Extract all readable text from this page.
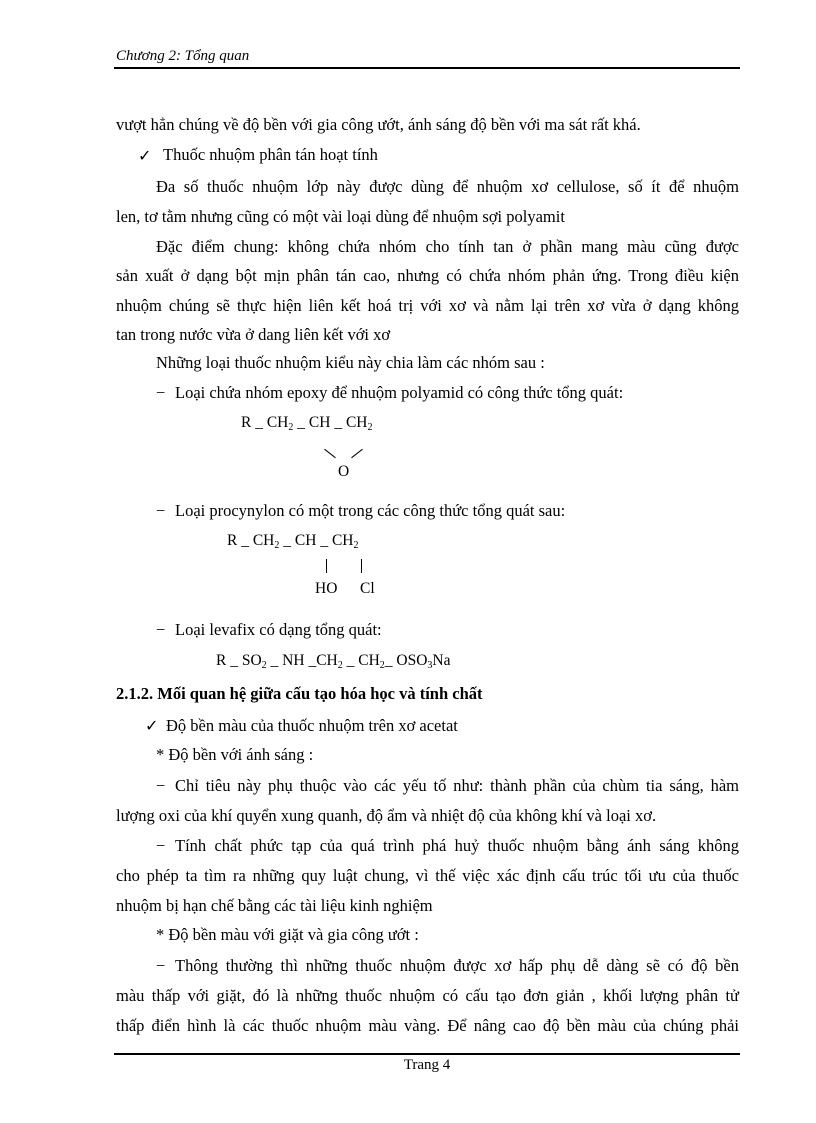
Chương 2: Tổng quan
vượt hẳn chúng về độ bền với gia công ướt, ánh sáng độ bền với ma sát rất khá.
✓ Thuốc nhuộm phân tán hoạt tính
Đa số thuốc nhuộm lớp này được dùng để nhuộm xơ cellulose, số ít để nhuộm
len, tơ tằm nhưng cũng có một vài loại dùng để nhuộm sợi polyamit
Đặc điểm chung: không chứa nhóm cho tính tan ở phần mang màu cũng được
sản xuất ở dạng bột mịn phân tán cao, nhưng có chứa nhóm phản ứng. Trong điều kiện
nhuộm chúng sẽ thực hiện liên kết hoá trị với xơ và nằm lại trên xơ vừa ở dạng không
tan trong nước vừa ở dang liên kết với xơ
Những loại thuốc nhuộm kiểu này chia làm các nhóm sau :
− Loại chứa nhóm epoxy để nhuộm polyamid có công thức tổng quát:
R _ $CH_2$ _ CH _ $CH_2$
O
− Loại procynylon có một trong các công thức tổng quát sau:
R _ $CH_2$ _ CH _ $CH_2$
HO Cl
− Loại levafix có dạng tổng quát:
R _ $SO_2$ _ NH $\_CH_2$ _ $CH_2\_$ $OSO_3Na$
2.1.2. Mối quan hệ giữa cấu tạo hóa học và tính chất
✓ Độ bền màu của thuốc nhuộm trên xơ acetat
* Độ bền với ánh sáng :
− Chỉ tiêu này phụ thuộc vào các yếu tố như: thành phần của chùm tia sáng, hàm
lượng oxi của khí quyển xung quanh, độ ẩm và nhiệt độ của không khí và loại xơ.
− Tính chất phức tạp của quá trình phá huỷ thuốc nhuộm bằng ánh sáng không
cho phép ta tìm ra những quy luật chung, vì thế việc xác định cấu trúc tối ưu của thuốc
nhuộm bị hạn chế bằng các tài liệu kinh nghiệm
* Độ bền màu với giặt và gia công ướt :
− Thông thường thì những thuốc nhuộm được xơ hấp phụ dễ dàng sẽ có độ bền
màu thấp với giặt, đó là những thuốc nhuộm có cấu tạo đơn giản , khối lượng phân tử
thấp điển hình là các thuốc nhuộm màu vàng. Để nâng cao độ bền màu của chúng phải
Trang 4
